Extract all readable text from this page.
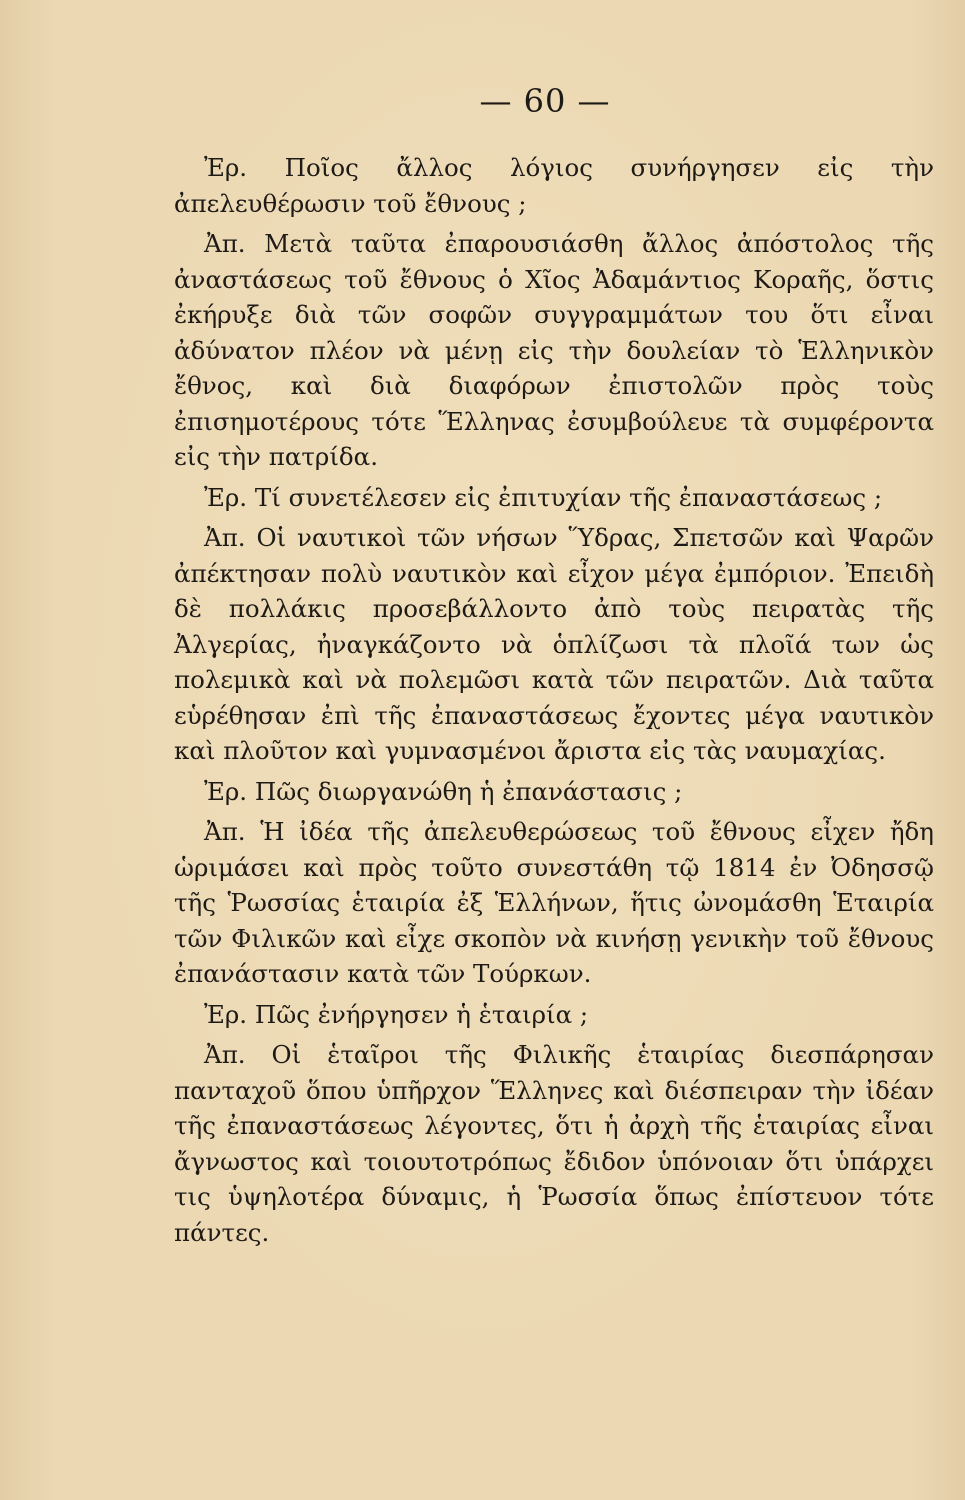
— 60 —

Ἐρ. Ποῖος ἄλλος λόγιος συνήργησεν εἰς τὴν ἀπελευθέρωσιν τοῦ ἔθνους ;

Ἀπ. Μετὰ ταῦτα ἐπαρουσιάσθη ἄλλος ἀπόστολος τῆς ἀναστάσεως τοῦ ἔθνους ὁ Χῖος Ἀδαμάντιος Κοραῆς, ὅστις ἐκήρυξε διὰ τῶν σοφῶν συγγραμμάτων του ὅτι εἶναι ἀδύνατον πλέον νὰ μένῃ εἰς τὴν δουλείαν τὸ Ἑλληνικὸν ἔθνος, καὶ διὰ διαφόρων ἐπιστολῶν πρὸς τοὺς ἐπισημοτέρους τότε Ἕλληνας ἐσυμβούλευε τὰ συμφέροντα εἰς τὴν πατρίδα.

Ἐρ. Τί συνετέλεσεν εἰς ἐπιτυχίαν τῆς ἐπαναστάσεως ;

Ἀπ. Οἱ ναυτικοὶ τῶν νήσων Ὕδρας, Σπετσῶν καὶ Ψαρῶν ἀπέκτησαν πολὺ ναυτικὸν καὶ εἶχον μέγα ἐμπόριον. Ἐπειδὴ δὲ πολλάκις προσεβάλλοντο ἀπὸ τοὺς πειρατὰς τῆς Ἀλγερίας, ἠναγκάζοντο νὰ ὁπλίζωσι τὰ πλοῖά των ὡς πολεμικὰ καὶ νὰ πολεμῶσι κατὰ τῶν πειρατῶν. Διὰ ταῦτα εὑρέθησαν ἐπὶ τῆς ἐπαναστάσεως ἔχοντες μέγα ναυτικὸν καὶ πλοῦτον καὶ γυμνασμένοι ἄριστα εἰς τὰς ναυμαχίας.

Ἐρ. Πῶς διωργανώθη ἡ ἐπανάστασις ;

Ἀπ. Ἡ ἰδέα τῆς ἀπελευθερώσεως τοῦ ἔθνους εἶχεν ἤδη ὡριμάσει καὶ πρὸς τοῦτο συνεστάθη τῷ 1814 ἐν Ὀδησσῷ τῆς Ῥωσσίας ἑταιρία ἐξ Ἑλλήνων, ἥτις ὠνομάσθη Ἑταιρία τῶν Φιλικῶν καὶ εἶχε σκοπὸν νὰ κινήσῃ γενικὴν τοῦ ἔθνους ἐπανάστασιν κατὰ τῶν Τούρκων.

Ἐρ. Πῶς ἐνήργησεν ἡ ἑταιρία ;

Ἀπ. Οἱ ἑταῖροι τῆς Φιλικῆς ἑταιρίας διεσπάρησαν πανταχοῦ ὅπου ὑπῆρχον Ἕλληνες καὶ διέσπειραν τὴν ἰδέαν τῆς ἐπαναστάσεως λέγοντες, ὅτι ἡ ἀρχὴ τῆς ἑταιρίας εἶναι ἄγνωστος καὶ τοιουτοτρόπως ἔδιδον ὑπόνοιαν ὅτι ὑπάρχει τις ὑψηλοτέρα δύναμις, ἡ Ῥωσσία ὅπως ἐπίστευον τότε πάντες.
